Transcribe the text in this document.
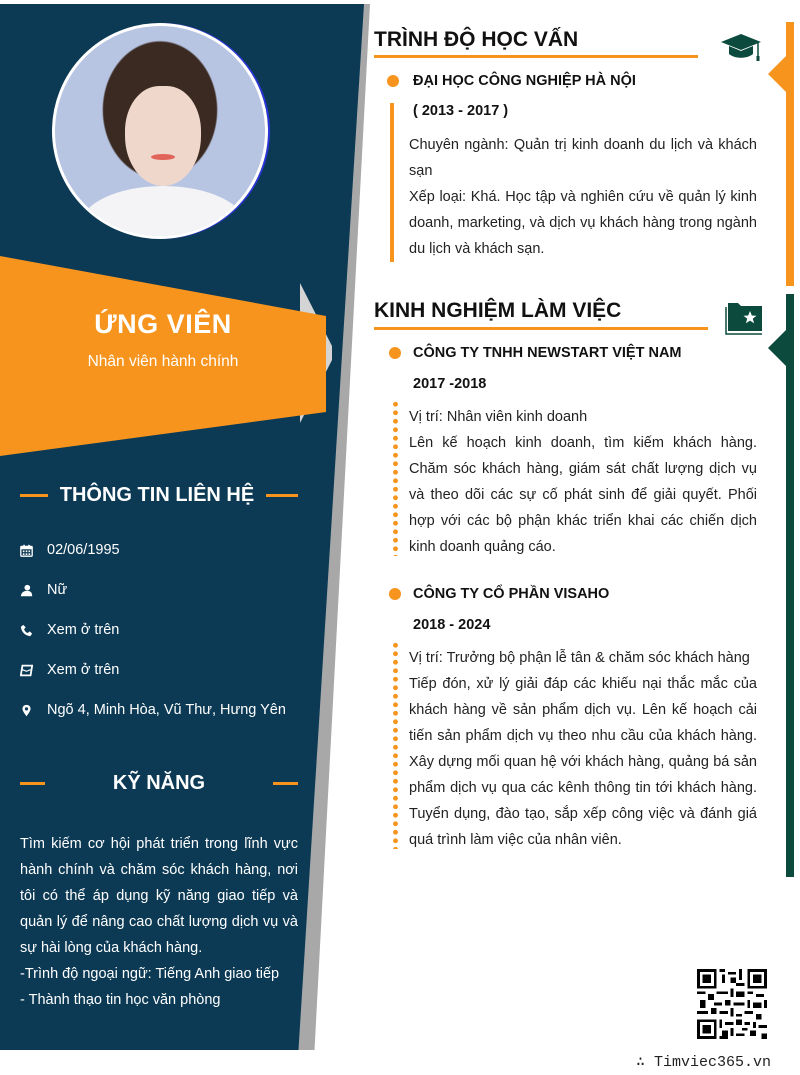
ỨNG VIÊN
Nhân viên hành chính
THÔNG TIN LIÊN HỆ
02/06/1995
Nữ
Xem ở trên
Xem ở trên
Ngõ 4, Minh Hòa, Vũ Thư, Hưng Yên
KỸ NĂNG
Tìm kiếm cơ hội phát triển trong lĩnh vực hành chính và chăm sóc khách hàng, nơi tôi có thể áp dụng kỹ năng giao tiếp và quản lý để nâng cao chất lượng dịch vụ và sự hài lòng của khách hàng.
-Trình độ ngoại ngữ: Tiếng Anh giao tiếp
- Thành thạo tin học văn phòng
TRÌNH ĐỘ HỌC VẤN
ĐẠI HỌC CÔNG NGHIỆP HÀ NỘI
( 2013 - 2017 )
Chuyên ngành: Quản trị kinh doanh du lịch và khách sạn
Xếp loại: Khá. Học tập và nghiên cứu về quản lý kinh doanh, marketing, và dịch vụ khách hàng trong ngành du lịch và khách sạn.
KINH NGHIỆM LÀM VIỆC
CÔNG TY TNHH NEWSTART VIỆT NAM
2017 -2018
Vị trí: Nhân viên kinh doanh
Lên kế hoạch kinh doanh, tìm kiếm khách hàng. Chăm sóc khách hàng, giám sát chất lượng dịch vụ và theo dõi các sự cố phát sinh để giải quyết. Phối hợp với các bộ phận khác triển khai các chiến dịch kinh doanh quảng cáo.
CÔNG TY CỔ PHẦN VISAHO
2018 - 2024
Vị trí: Trưởng bộ phận lễ tân & chăm sóc khách hàng
Tiếp đón, xử lý giải đáp các khiếu nại thắc mắc của khách hàng về sản phẩm dịch vụ. Lên kế hoạch cải tiến sản phẩm dịch vụ theo nhu cầu của khách hàng. Xây dựng mối quan hệ với khách hàng, quảng bá sản phẩm dịch vụ qua các kênh thông tin tới khách hàng. Tuyển dụng, đào tạo, sắp xếp công việc và đánh giá quá trình làm việc của nhân viên.
∴ Timviec365.vn
